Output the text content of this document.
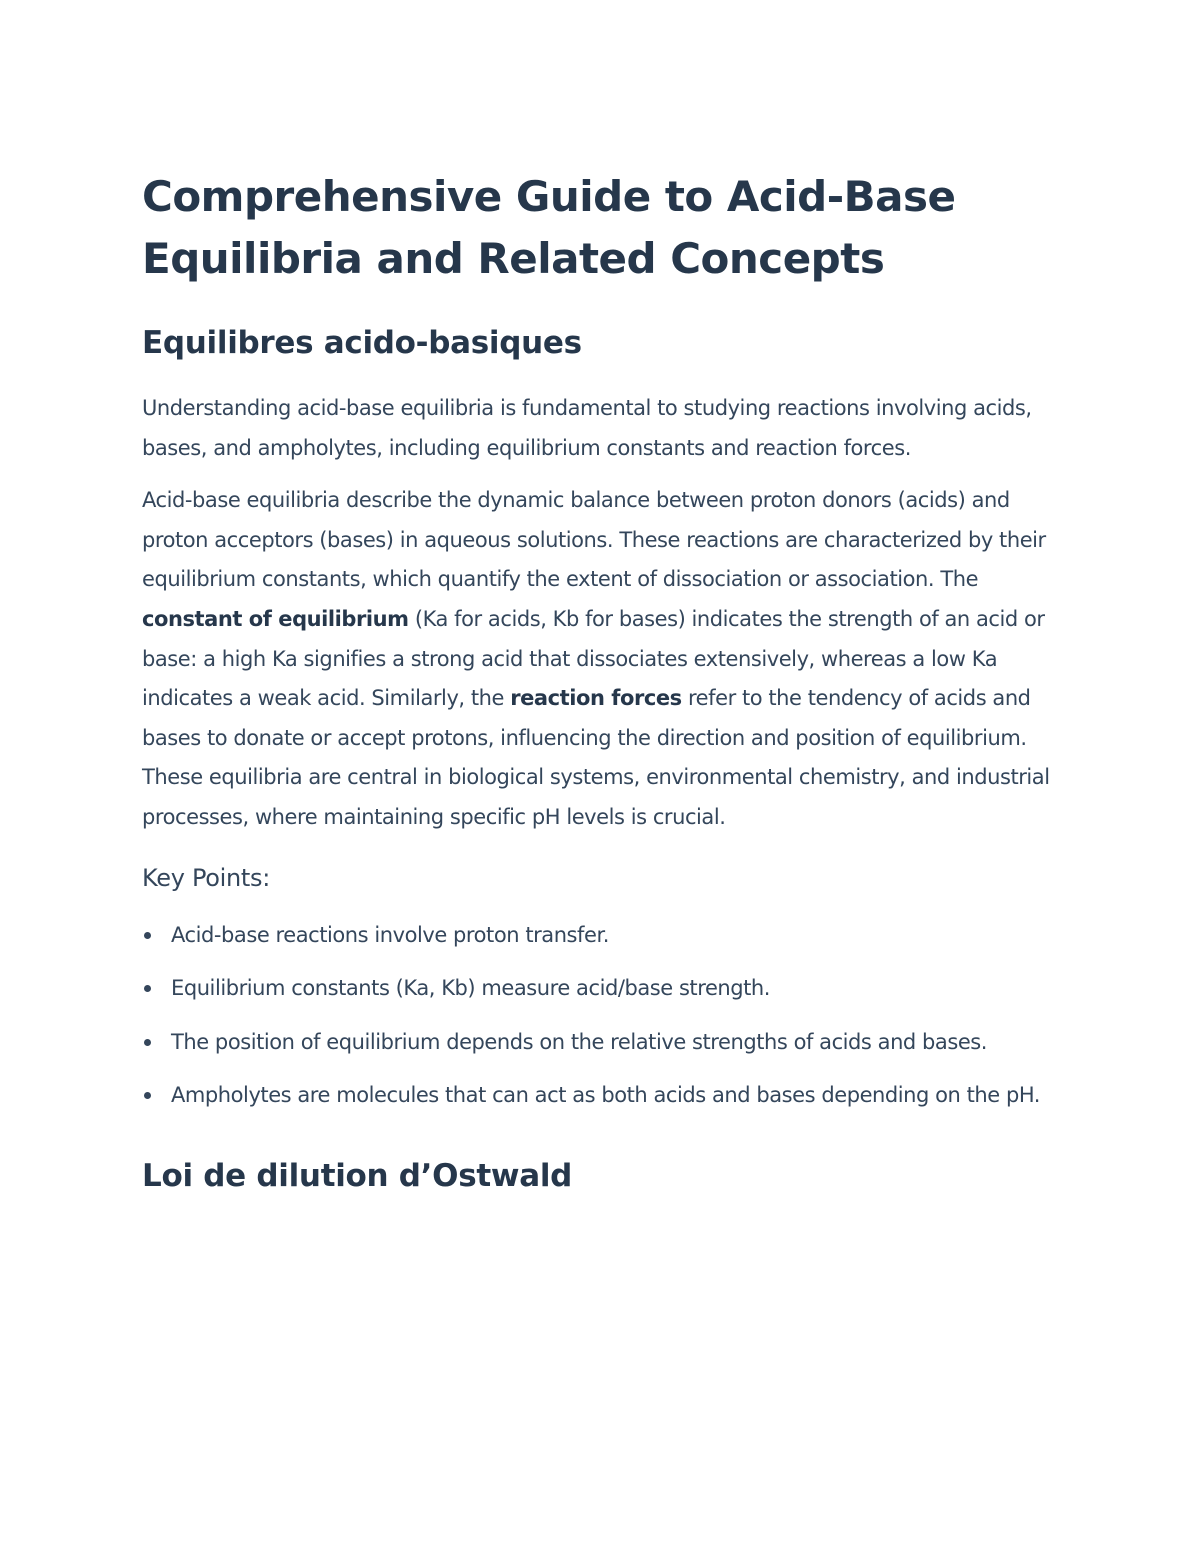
Comprehensive Guide to Acid-Base
Equilibria and Related Concepts
Equilibres acido-basiques

Understanding acid-base equilibria is fundamental to studying reactions involving acids, bases, and ampholytes, including equilibrium constants and reaction forces.

Acid-base equilibria describe the dynamic balance between proton donors (acids) and proton acceptors (bases) in aqueous solutions. These reactions are characterized by their equilibrium constants, which quantify the extent of dissociation or association. The constant of equilibrium (Ka for acids, Kb for bases) indicates the strength of an acid or base: a high Ka signifies a strong acid that dissociates extensively, whereas a low Ka indicates a weak acid. Similarly, the reaction forces refer to the tendency of acids and bases to donate or accept protons, influencing the direction and position of equilibrium. These equilibria are central in biological systems, environmental chemistry, and industrial processes, where maintaining specific pH levels is crucial.

Key Points:
Acid-base reactions involve proton transfer.
Equilibrium constants (Ka, Kb) measure acid/base strength.
The position of equilibrium depends on the relative strengths of acids and bases.
Ampholytes are molecules that can act as both acids and bases depending on the pH.
Loi de dilution d’Ostwald
